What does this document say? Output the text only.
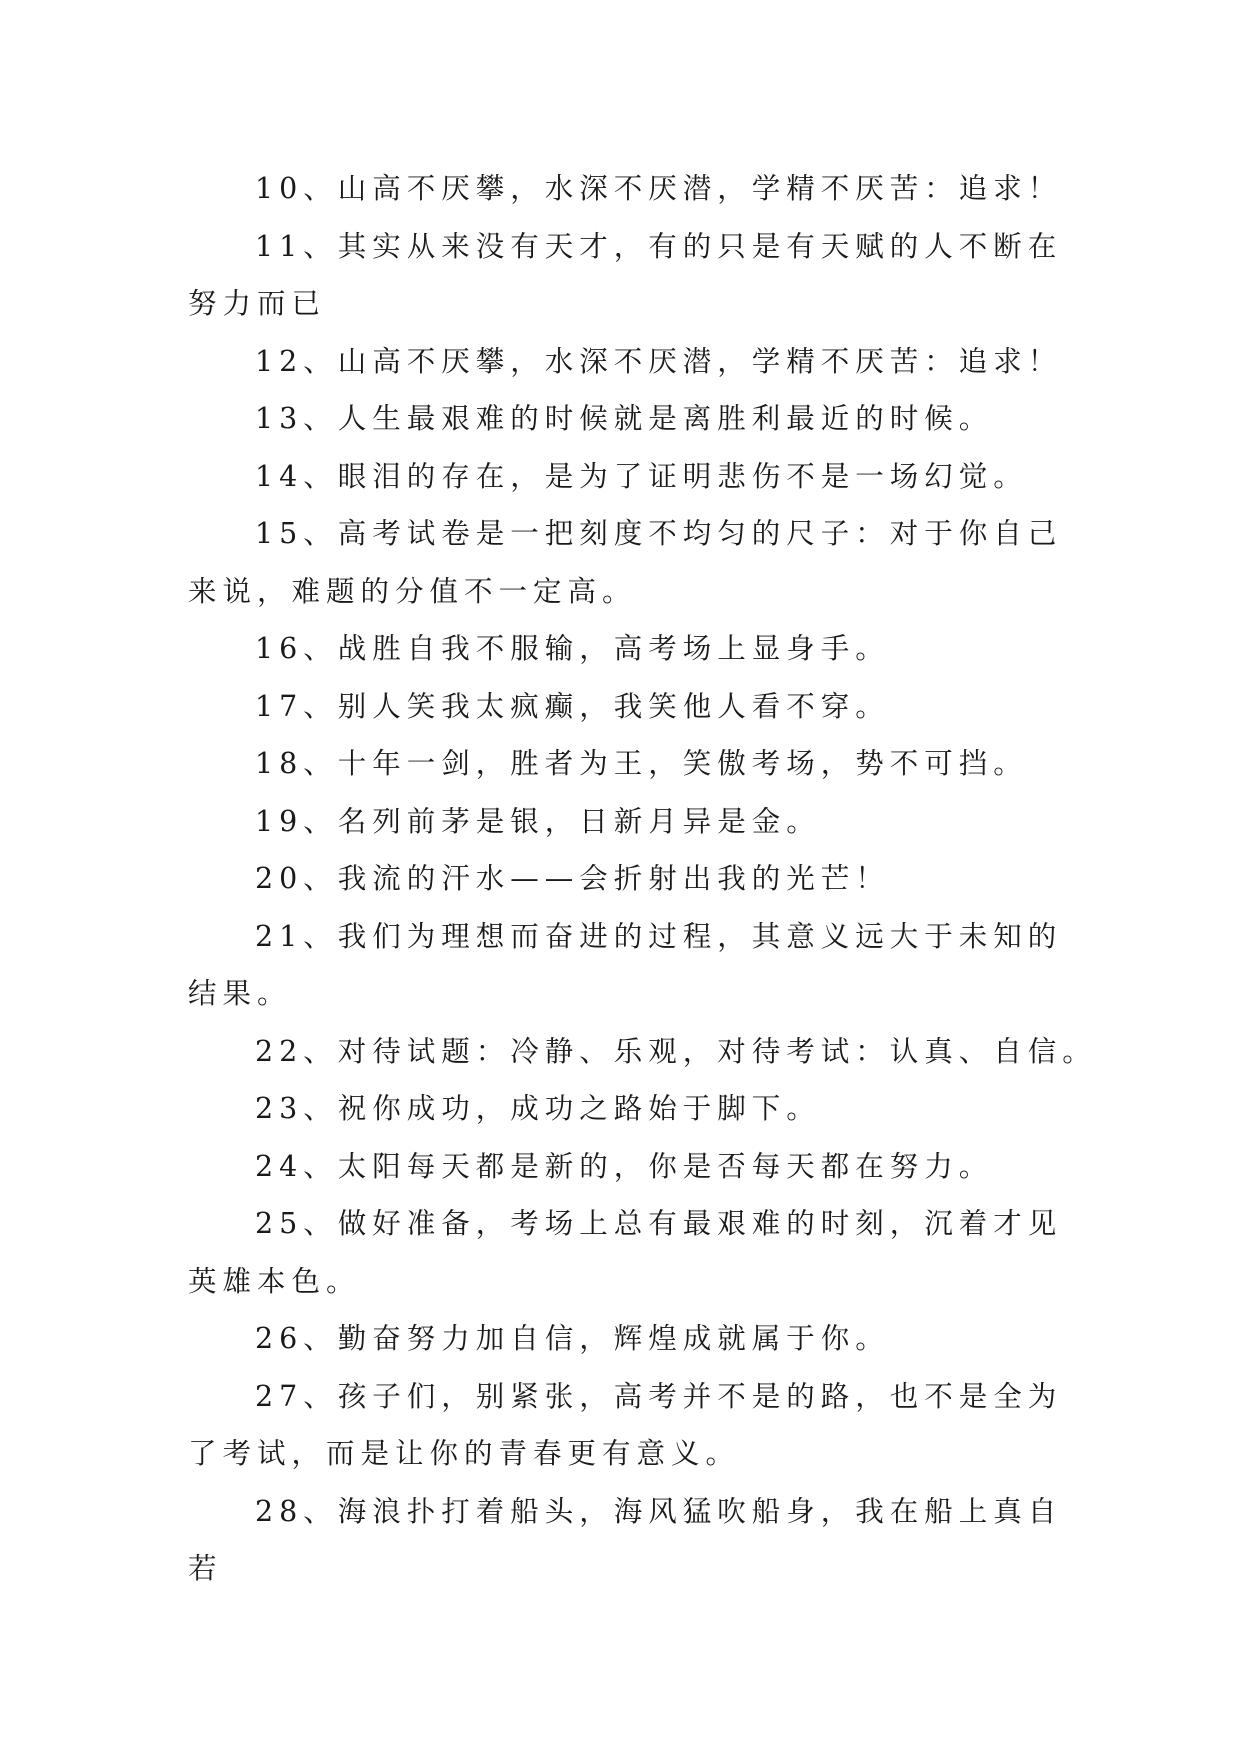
10、山高不厌攀，水深不厌潜，学精不厌苦：追求！

11、其实从来没有天才，有的只是有天赋的人不断在努力而已

12、山高不厌攀，水深不厌潜，学精不厌苦：追求！

13、人生最艰难的时候就是离胜利最近的时候。

14、眼泪的存在，是为了证明悲伤不是一场幻觉。

15、高考试卷是一把刻度不均匀的尺子：对于你自己来说，难题的分值不一定高。

16、战胜自我不服输，高考场上显身手。

17、别人笑我太疯癫，我笑他人看不穿。

18、十年一剑，胜者为王，笑傲考场，势不可挡。

19、名列前茅是银，日新月异是金。

20、我流的汗水——会折射出我的光芒！

21、我们为理想而奋进的过程，其意义远大于未知的结果。

22、对待试题：冷静、乐观，对待考试：认真、自信。

23、祝你成功，成功之路始于脚下。

24、太阳每天都是新的，你是否每天都在努力。

25、做好准备，考场上总有最艰难的时刻，沉着才见英雄本色。

26、勤奋努力加自信，辉煌成就属于你。

27、孩子们，别紧张，高考并不是的路，也不是全为了考试，而是让你的青春更有意义。

28、海浪扑打着船头，海风猛吹船身，我在船上真自若
